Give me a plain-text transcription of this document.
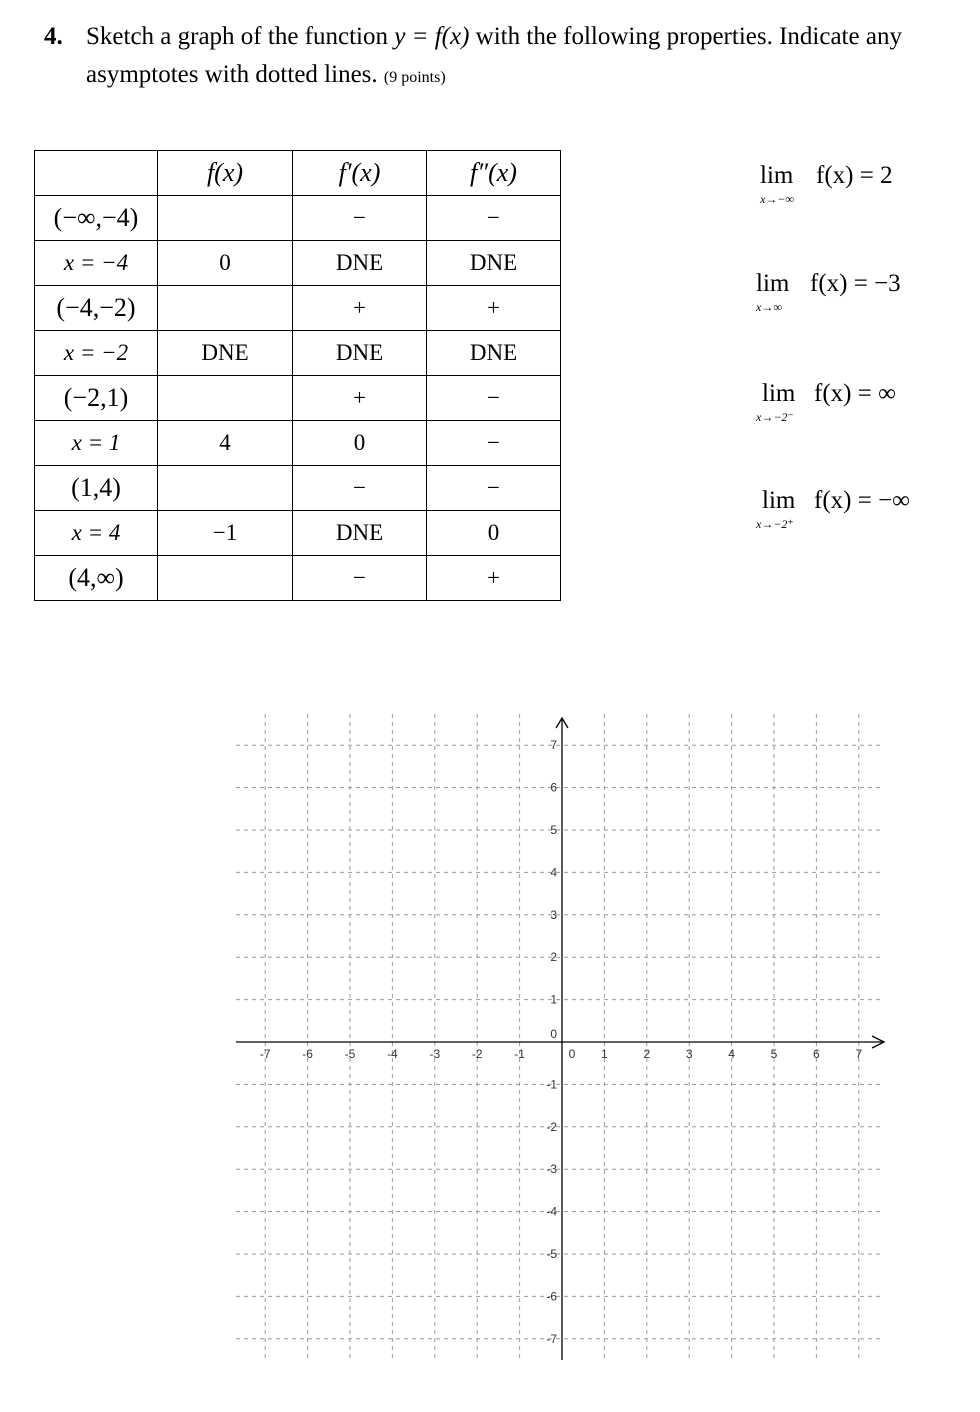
4. Sketch a graph of the function y = f(x) with the following properties. Indicate any
asymptotes with dotted lines. (9 points)
	f(x)	f′(x)	f″(x)
(−∞,−4)		−	−
x = −4	0	DNE	DNE
(−4,−2)		+	+
x = −2	DNE	DNE	DNE
(−2,1)		+	−
x = 1	4	0	−
(1,4)		−	−
x = 4	−1	DNE	0
(4,∞)		−	+
lim
x→−∞
f(x) = 2
lim
x→∞
f(x) = −3
lim
x→−2⁻
f(x) = ∞
lim
x→−2⁺
f(x) = −∞
-7	-6	-5	-4	-3	-2	-1	0 1	2	3	4	5	6	7
7
6
5
4
3
2
1
0
-1
-2
-3
-4
-5
-6
-7
